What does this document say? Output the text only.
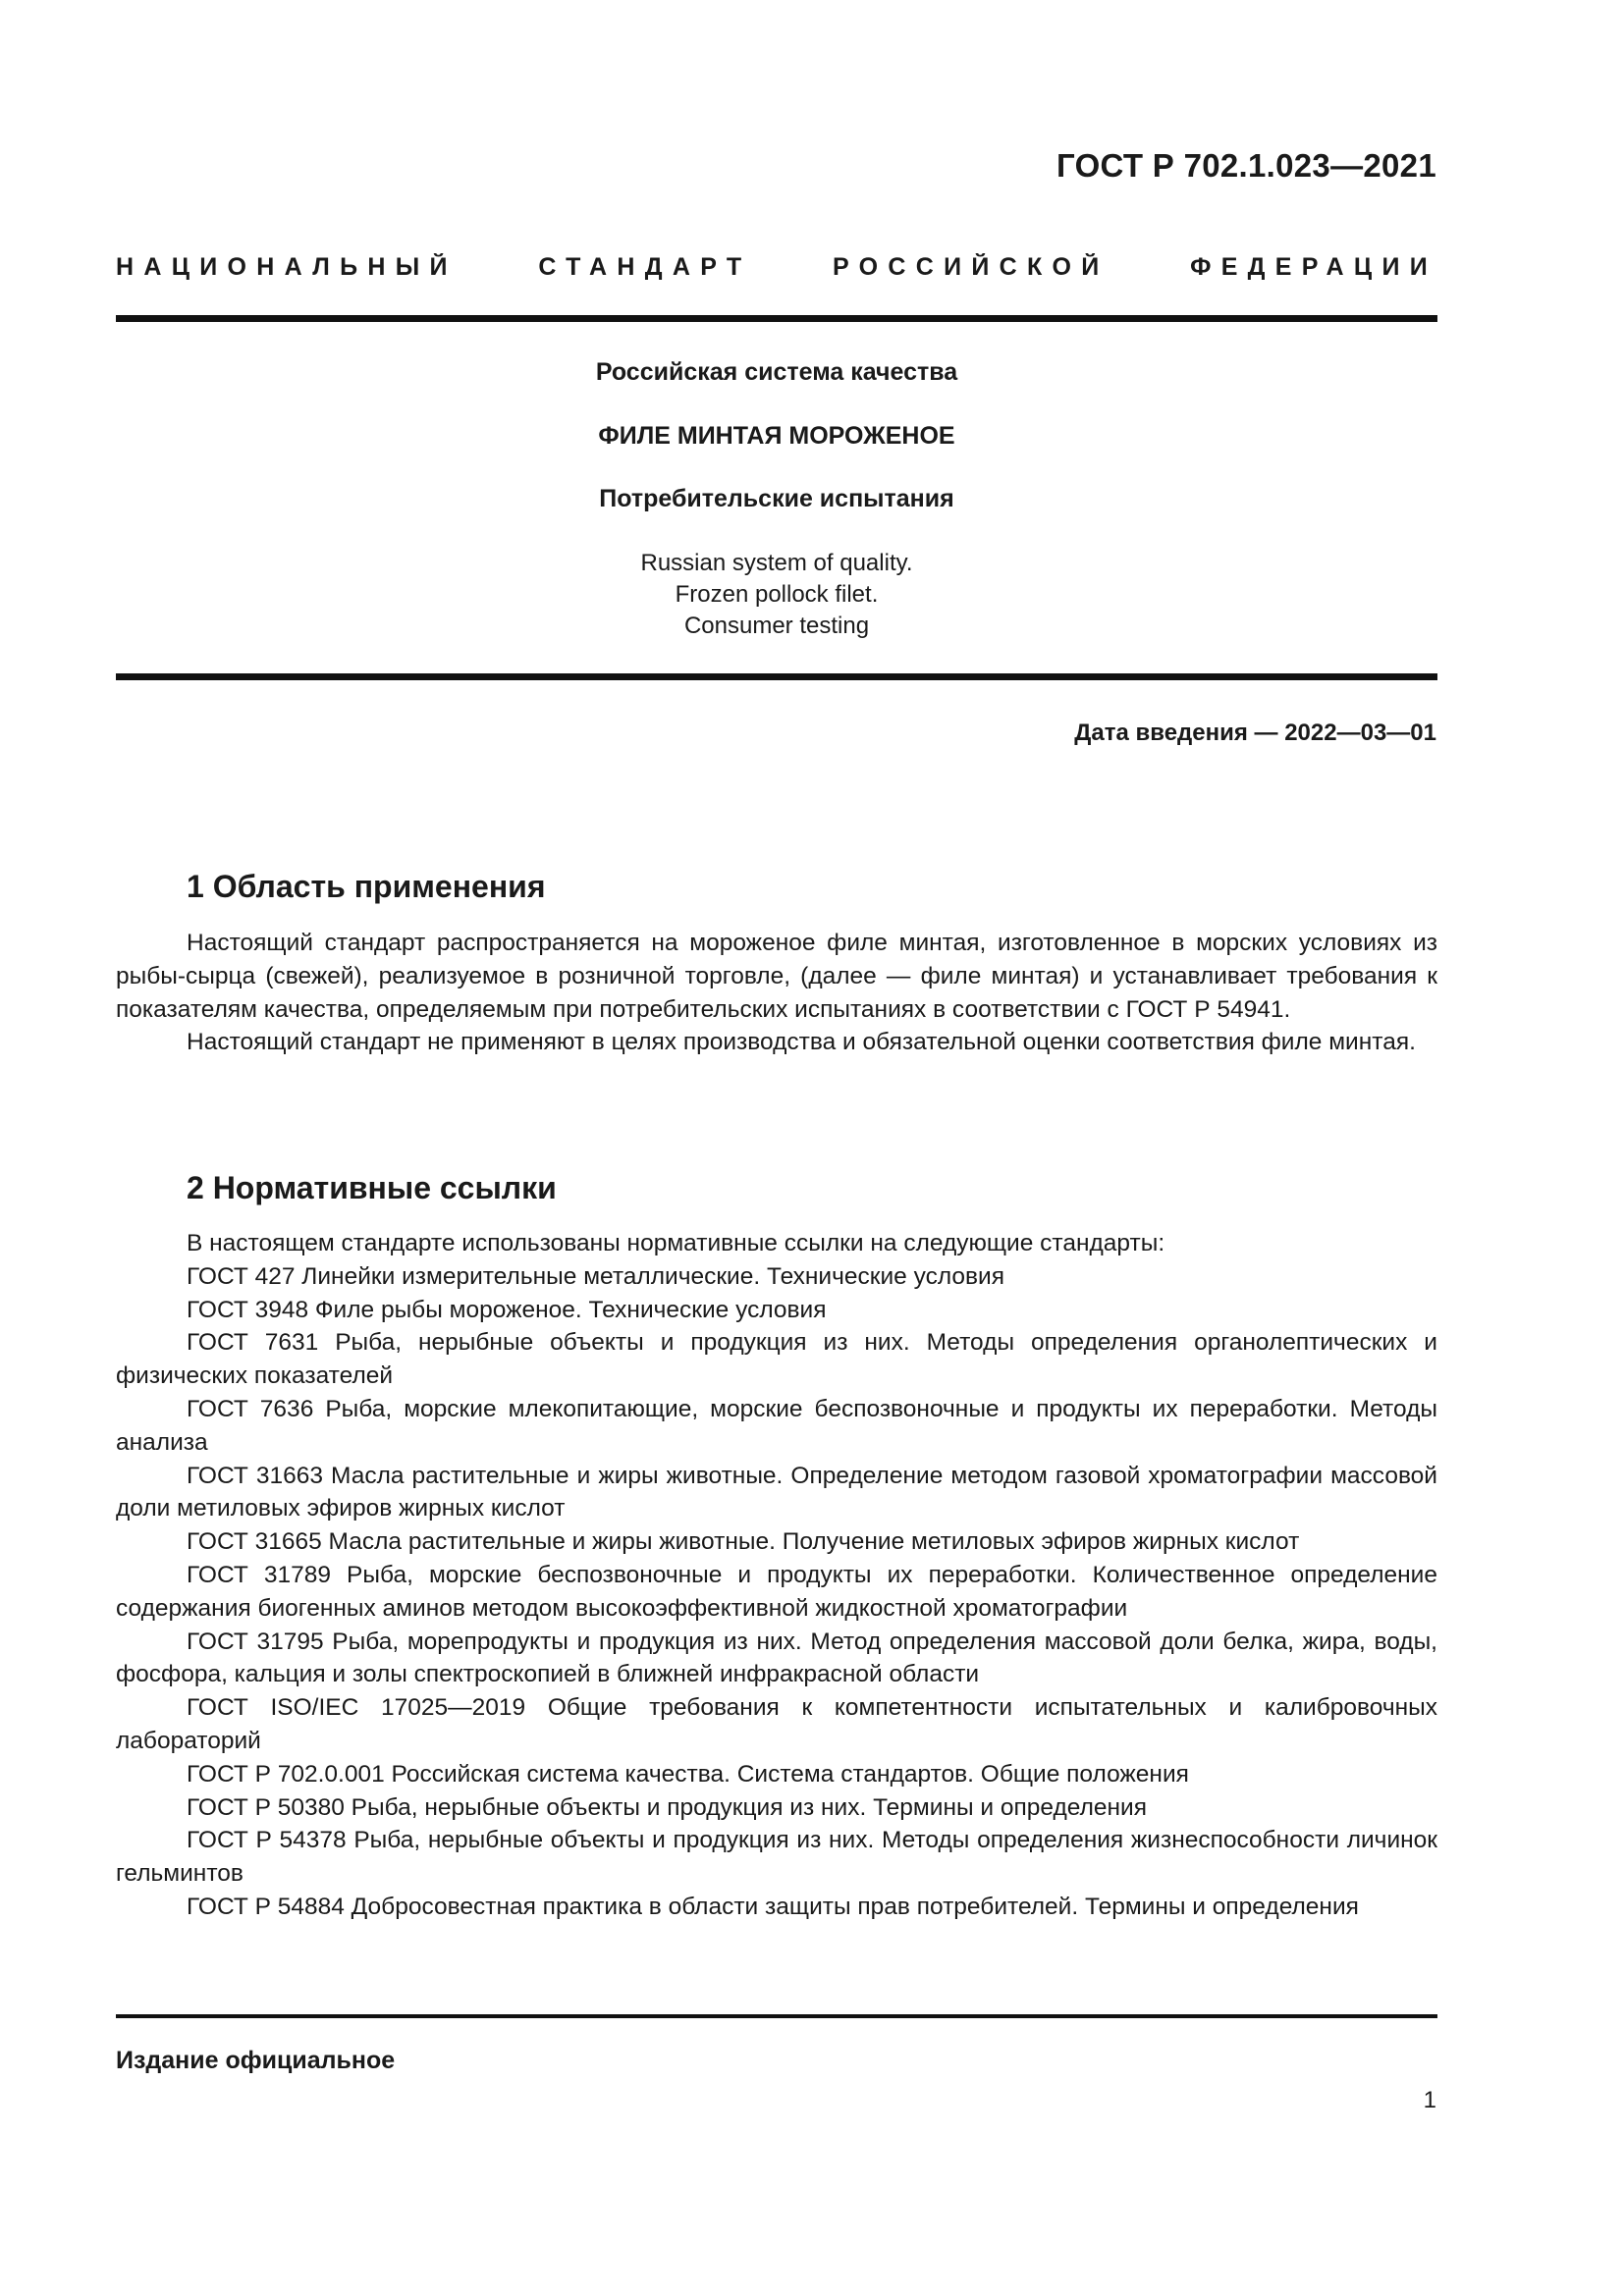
ГОСТ Р 702.1.023—2021
НАЦИОНАЛЬНЫЙ СТАНДАРТ РОССИЙСКОЙ ФЕДЕРАЦИИ
Российская система качества
ФИЛЕ МИНТАЯ МОРОЖЕНОЕ
Потребительские испытания
Russian system of quality.
Frozen pollock filet.
Consumer testing
Дата введения — 2022—03—01
1 Область применения

Настоящий стандарт распространяется на мороженое филе минтая, изготовленное в морских условиях из рыбы-сырца (свежей), реализуемое в розничной торговле, (далее — филе минтая) и устанавливает требования к показателям качества, определяемым при потребительских испытаниях в соответствии с ГОСТ Р 54941.

Настоящий стандарт не применяют в целях производства и обязательной оценки соответствия филе минтая.

2 Нормативные ссылки

В настоящем стандарте использованы нормативные ссылки на следующие стандарты:

ГОСТ 427 Линейки измерительные металлические. Технические условия

ГОСТ 3948 Филе рыбы мороженое. Технические условия

ГОСТ 7631 Рыба, нерыбные объекты и продукция из них. Методы определения органолептических и физических показателей

ГОСТ 7636 Рыба, морские млекопитающие, морские беспозвоночные и продукты их переработки. Методы анализа

ГОСТ 31663 Масла растительные и жиры животные. Определение методом газовой хроматографии массовой доли метиловых эфиров жирных кислот

ГОСТ 31665 Масла растительные и жиры животные. Получение метиловых эфиров жирных кислот

ГОСТ 31789 Рыба, морские беспозвоночные и продукты их переработки. Количественное определение содержания биогенных аминов методом высокоэффективной жидкостной хроматографии

ГОСТ 31795 Рыба, морепродукты и продукция из них. Метод определения массовой доли белка, жира, воды, фосфора, кальция и золы спектроскопией в ближней инфракрасной области

ГОСТ ISO/IEC 17025—2019 Общие требования к компетентности испытательных и калибровочных лабораторий

ГОСТ Р 702.0.001 Российская система качества. Система стандартов. Общие положения

ГОСТ Р 50380 Рыба, нерыбные объекты и продукция из них. Термины и определения

ГОСТ Р 54378 Рыба, нерыбные объекты и продукция из них. Методы определения жизнеспособности личинок гельминтов

ГОСТ Р 54884 Добросовестная практика в области защиты прав потребителей. Термины и определения

Издание официальное
1
